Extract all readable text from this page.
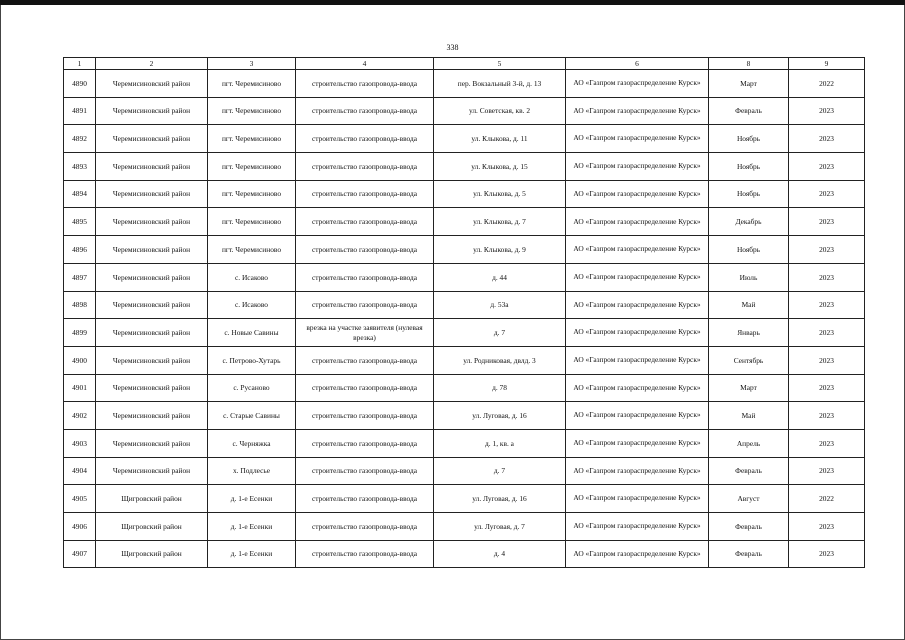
338
1	2	3	4	5	6	8	9
4890	Черемисиновский район	пгт. Черемисиново	строительство газопровода-ввода	пер. Вокзальный 3-й, д. 13	АО «Газпром газораспределение Курск»	Март	2022
4891	Черемисиновский район	пгт. Черемисиново	строительство газопровода-ввода	ул. Советская, кв. 2	АО «Газпром газораспределение Курск»	Февраль	2023
4892	Черемисиновский район	пгт. Черемисиново	строительство газопровода-ввода	ул. Клыкова, д. 11	АО «Газпром газораспределение Курск»	Ноябрь	2023
4893	Черемисиновский район	пгт. Черемисиново	строительство газопровода-ввода	ул. Клыкова, д. 15	АО «Газпром газораспределение Курск»	Ноябрь	2023
4894	Черемисиновский район	пгт. Черемисиново	строительство газопровода-ввода	ул. Клыкова, д. 5	АО «Газпром газораспределение Курск»	Ноябрь	2023
4895	Черемисиновский район	пгт. Черемисиново	строительство газопровода-ввода	ул. Клыкова, д. 7	АО «Газпром газораспределение Курск»	Декабрь	2023
4896	Черемисиновский район	пгт. Черемисиново	строительство газопровода-ввода	ул. Клыкова, д. 9	АО «Газпром газораспределение Курск»	Ноябрь	2023
4897	Черемисиновский район	с. Исаково	строительство газопровода-ввода	д. 44	АО «Газпром газораспределение Курск»	Июль	2023
4898	Черемисиновский район	с. Исаково	строительство газопровода-ввода	д. 53а	АО «Газпром газораспределение Курск»	Май	2023
4899	Черемисиновский район	с. Новые Савины	врезка на участке заявителя (нулевая врезка)	д. 7	АО «Газпром газораспределение Курск»	Январь	2023
4900	Черемисиновский район	с. Петрово-Хутарь	строительство газопровода-ввода	ул. Родниковая, двлд. 3	АО «Газпром газораспределение Курск»	Сентябрь	2023
4901	Черемисиновский район	с. Русаново	строительство газопровода-ввода	д. 78	АО «Газпром газораспределение Курск»	Март	2023
4902	Черемисиновский район	с. Старые Савины	строительство газопровода-ввода	ул. Луговая, д. 16	АО «Газпром газораспределение Курск»	Май	2023
4903	Черемисиновский район	с. Черняжка	строительство газопровода-ввода	д. 1, кв. а	АО «Газпром газораспределение Курск»	Апрель	2023
4904	Черемисиновский район	х. Подлесье	строительство газопровода-ввода	д. 7	АО «Газпром газораспределение Курск»	Февраль	2023
4905	Щигровский район	д. 1-е Есенки	строительство газопровода-ввода	ул. Луговая, д. 16	АО «Газпром газораспределение Курск»	Август	2022
4906	Щигровский район	д. 1-е Есенки	строительство газопровода-ввода	ул. Луговая, д. 7	АО «Газпром газораспределение Курск»	Февраль	2023
4907	Щигровский район	д. 1-е Есенки	строительство газопровода-ввода	д. 4	АО «Газпром газораспределение Курск»	Февраль	2023
